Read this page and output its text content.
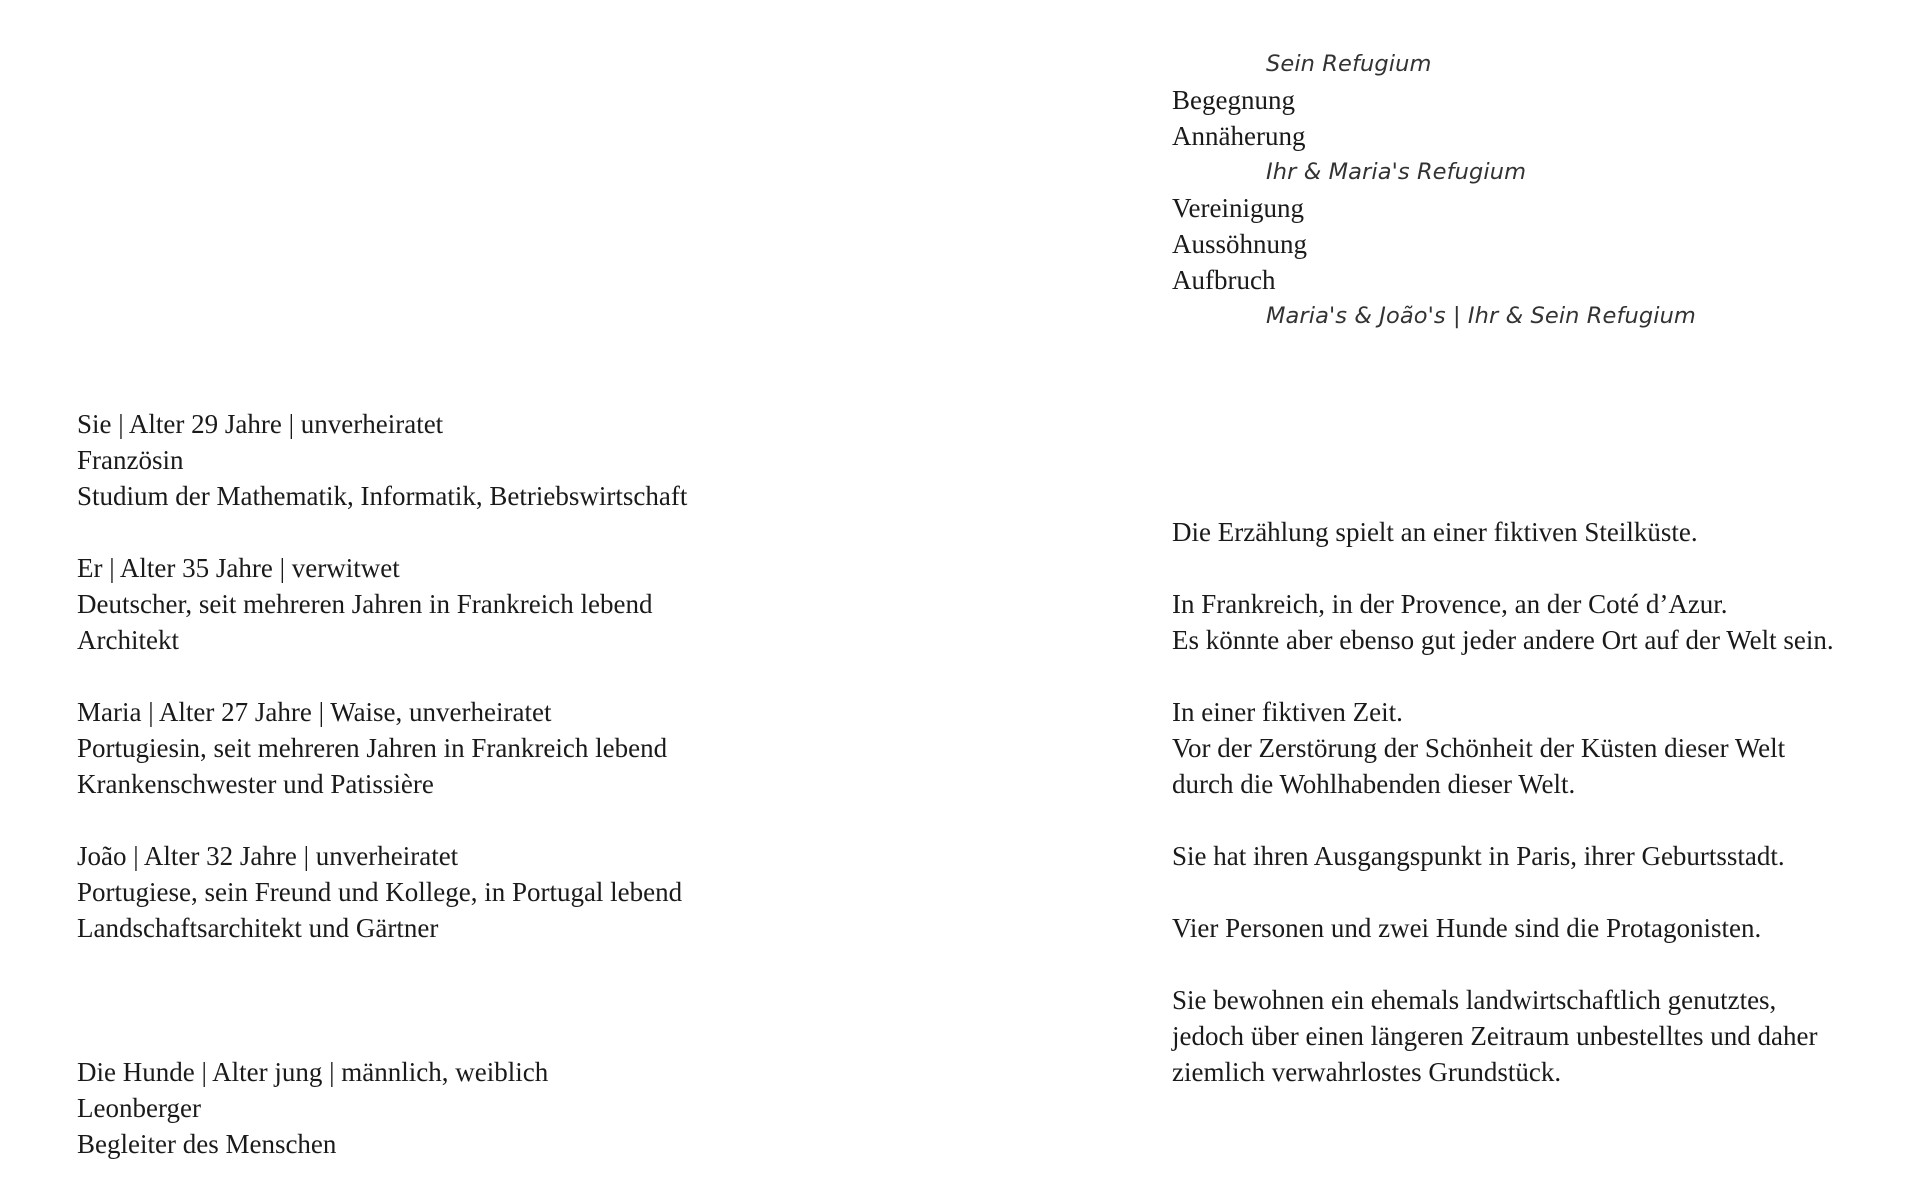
Sein Refugium
Begegnung
Annäherung
Ihr & Maria's Refugium
Vereinigung
Aussöhnung
Aufbruch
Maria's & João's | Ihr & Sein Refugium
Sie | Alter 29 Jahre | unverheiratet
Französin
Studium der Mathematik, Informatik, Betriebswirtschaft
Er | Alter 35 Jahre | verwitwet
Deutscher, seit mehreren Jahren in Frankreich lebend
Architekt
Maria | Alter 27 Jahre | Waise, unverheiratet
Portugiesin, seit mehreren Jahren in Frankreich lebend
Krankenschwester und Patissière
João | Alter 32 Jahre | unverheiratet
Portugiese, sein Freund und Kollege, in Portugal lebend
Landschaftsarchitekt und Gärtner
Die Hunde | Alter jung | männlich, weiblich
Leonberger
Begleiter des Menschen
Die Erzählung spielt an einer fiktiven Steilküste.
In Frankreich, in der Provence, an der Coté d’Azur.
Es könnte aber ebenso gut jeder andere Ort auf der Welt sein.
In einer fiktiven Zeit.
Vor der Zerstörung der Schönheit der Küsten dieser Welt
durch die Wohlhabenden dieser Welt.
Sie hat ihren Ausgangspunkt in Paris, ihrer Geburtsstadt.
Vier Personen und zwei Hunde sind die Protagonisten.
Sie bewohnen ein ehemals landwirtschaftlich genutztes,
jedoch über einen längeren Zeitraum unbestelltes und daher
ziemlich verwahrlostes Grundstück.
